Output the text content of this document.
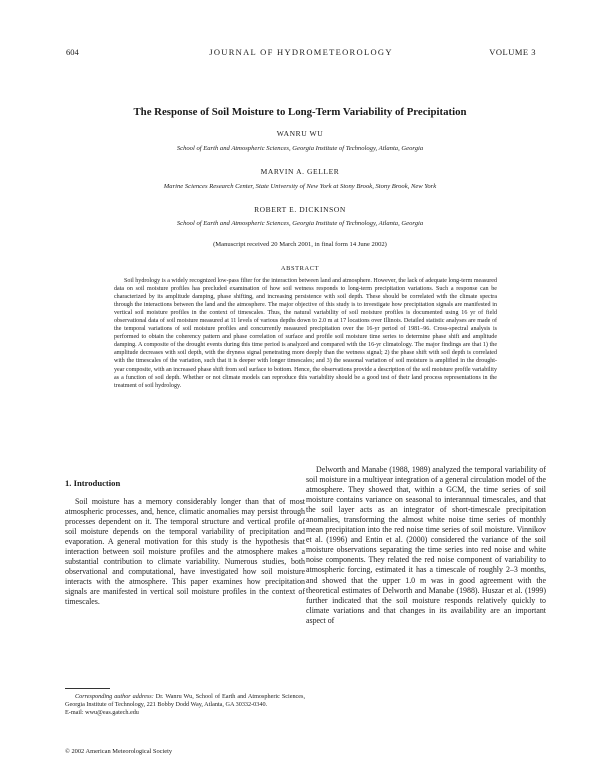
604	JOURNAL OF HYDROMETEOROLOGY	VOLUME 3
The Response of Soil Moisture to Long-Term Variability of Precipitation
WANRU WU
School of Earth and Atmospheric Sciences, Georgia Institute of Technology, Atlanta, Georgia
MARVIN A. GELLER
Marine Sciences Research Center, State University of New York at Stony Brook, Stony Brook, New York
ROBERT E. DICKINSON
School of Earth and Atmospheric Sciences, Georgia Institute of Technology, Atlanta, Georgia
(Manuscript received 20 March 2001, in final form 14 June 2002)
ABSTRACT

Soil hydrology is a widely recognized low-pass filter for the interaction between land and atmosphere. However, the lack of adequate long-term measured data on soil moisture profiles has precluded examination of how soil wetness responds to long-term precipitation variations. Such a response can be characterized by its amplitude damping, phase shifting, and increasing persistence with soil depth. These should be correlated with the climate spectra through the interactions between the land and the atmosphere. The major objective of this study is to investigate how precipitation signals are manifested in vertical soil moisture profiles in the context of timescales. Thus, the natural variability of soil moisture profiles is documented using 16 yr of field observational data of soil moisture measured at 11 levels of various depths down to 2.0 m at 17 locations over Illinois. Detailed statistic analyses are made of the temporal variations of soil moisture profiles and concurrently measured precipitation over the 16-yr period of 1981–96. Cross-spectral analysis is performed to obtain the coherency pattern and phase correlation of surface and profile soil moisture time series to determine phase shift and amplitude damping. A composite of the drought events during this time period is analyzed and compared with the 16-yr climatology. The major findings are that 1) the amplitude decreases with soil depth, with the dryness signal penetrating more deeply than the wetness signal; 2) the phase shift with soil depth is correlated with the timescales of the variation, such that it is deeper with longer timescales; and 3) the seasonal variation of soil moisture is amplified in the drought-year composite, with an increased phase shift from soil surface to bottom. Hence, the observations provide a description of the soil moisture profile variability as a function of soil depth. Whether or not climate models can reproduce this variability should be a good test of their land process representations in the treatment of soil hydrology.

1. Introduction

Soil moisture has a memory considerably longer than that of most atmospheric processes, and, hence, climatic anomalies may persist through processes dependent on it. The temporal structure and vertical profile of soil moisture depends on the temporal variability of precipitation and evaporation. A general motivation for this study is the hypothesis that interaction between soil moisture profiles and the atmosphere makes a substantial contribution to climate variability. Numerous studies, both observational and computational, have investigated how soil moisture interacts with the atmosphere. This paper examines how precipitation signals are manifested in vertical soil moisture profiles in the context of timescales.

Delworth and Manabe (1988, 1989) analyzed the temporal variability of soil moisture in a multiyear integration of a general circulation model of the atmosphere. They showed that, within a GCM, the time series of soil moisture contains variance on seasonal to interannual timescales, and that the soil layer acts as an integrator of short-timescale precipitation anomalies, transforming the almost white noise time series of monthly mean precipitation into the red noise time series of soil moisture. Vinnikov et al. (1996) and Entin et al. (2000) considered the variance of the soil moisture observations separating the time series into red noise and white noise components. They related the red noise component of variability to atmospheric forcing, estimated it has a timescale of roughly 2–3 months, and showed that the upper 1.0 m was in good agreement with the theoretical estimates of Delworth and Manabe (1988). Huszar et al. (1999) further indicated that the soil moisture responds relatively quickly to climate variations and that changes in its availability are an important aspect of

Corresponding author address: Dr. Wanru Wu, School of Earth and Atmospheric Sciences, Georgia Institute of Technology, 221 Bobby Dodd Way, Atlanta, GA 30332-0340.
E-mail: wwu@eas.gatech.edu

© 2002 American Meteorological Society
